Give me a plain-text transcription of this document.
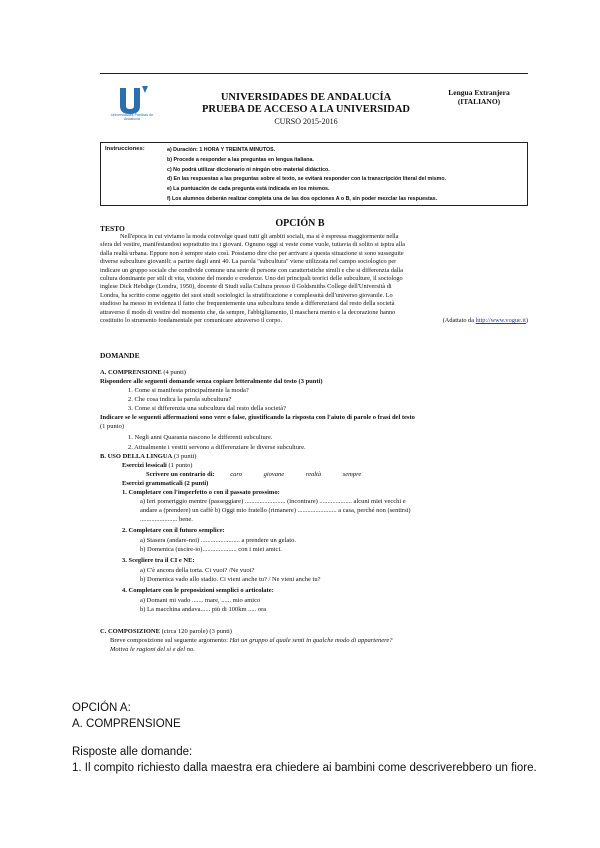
Universidades Públicas de Andalucía
UNIVERSIDADES DE ANDALUCÍA
PRUEBA DE ACCESO A LA UNIVERSIDAD
CURSO 2015-2016
Lengua Extranjera
(ITALIANO)
Instrucciones:	a) Duración: 1 HORA Y TREINTA MINUTOS.
b) Procede a responder a las preguntas en lengua italiana.
c) No podrá utilizar diccionario ni ningún otro material didáctico.
d) En las respuestas a las preguntas sobre el texto, se evitará responder con la transcripción literal del mismo.
e) La puntuación de cada pregunta está indicada en los mismos.
f) Los alumnos deberán realizar completa una de las dos opciones A o B, sin poder mezclar las respuestas.
OPCIÓN B
TESTO
Nell'epoca in cui viviamo la moda coinvolge quasi tutti gli ambiti sociali, ma si è espressa maggiormente nella
sfera del vestire, manifestandosi soprattutto tra i giovani. Ognuno oggi si veste come vuole, tuttavia di solito si ispira alla
dalla realtà urbana. Eppure non è sempre stato così. Possiamo dire che per arrivare a questa situazione si sono susseguite
diverse subculture giovanili: a partire dagli anni 40. La parola "subcultura" viene utilizzata nel campo sociologico per
indicare un gruppo sociale che condivide comune una serie di persone con caratteristiche simili e che si differenzia dalla
cultura dominante per stili di vita, visione del mondo e credenze. Uno dei principali teorici delle subculture, il sociologo
inglese Dick Hebdige (Londra, 1950), docente di Studi sulla Cultura presso il Goldsmiths College dell'Università di
Londra, ha scritto come oggetto dei suoi studi sociologici la stratificazione e complessità dell'universo giovanile. Lo
studioso ha messo in evidenza il fatto che frequentemente una subcultura tende a differenziarsi dal resto della società
attraverso il modo di vestire del momento che, da sempre, l'abbigliamento, il maschera mento e la decorazione hanno
costituito lo strumento fondamentale per comunicare attraverso il corpo.	(Adattato da http://www.vogue.it)
DOMANDE
A. COMPRENSIONE (4 punti)
Rispondere alle seguenti domande senza copiare letteralmente dal testo (3 punti)
1. Come si manifesta principalmente la moda?
2. Che cosa indica la parola subcultura?
3. Come si differenzia una subcultura dal resto della società?
Indicare se le seguenti affermazioni sono vere o false, giustificando la risposta con l'aiuto di parole o frasi del testo
(1 punto)
1. Negli anni Quaranta nascono le differenti subculture.
2. Attualmente i vestiti servono a differenziare le diverse subculture.
B. USO DELLA LINGUA (3 punti)
Esercizi lessicali (1 punto)
Scrivere un contrario di: caro	giovane	realtà	sempre
Esercizi grammaticali (2 punti)
1. Completare con l'imperfetto o con il passato prossimo:
a) Ieri pomeriggio mentre (passeggiare) ......................... (incontrare) .................... alcuni miei vecchi e
andare a (prendere) un caffè b) Oggi mio fratello (rimanere) ........................ a casa, perché non (sentirsi)
....................... bene.
2. Completare con il futuro semplice:
a) Stasera (andare-noi) ........................ a prendere un gelato.
b) Domenica (uscire-io)..................... con i miei amici.
3. Scegliere tra il CI e NE:
a) C'è ancora della torta. Ci vuoi? /Ne vuoi?
b) Domenica vado allo stadio. Ci vieni anche tu? / Ne vieni anche tu?
4. Completare con le preposizioni semplici o articolate:
a) Domani mi vado ....... mare, ...... mio amico
b) La macchina andava...... più di 100km ..... ora
C. COMPOSIZIONE (circa 120 parole) (3 punti)
Breve composizione sul seguente argomento: Hai un gruppo al quale senti in qualche modo di appartenere?
Motiva le ragioni del sì e del no.
OPCIÓN A:
A. COMPRENSIONE
Risposte alle domande:
1. Il compito richiesto dalla maestra era chiedere ai bambini come descriverebbero un fiore.
